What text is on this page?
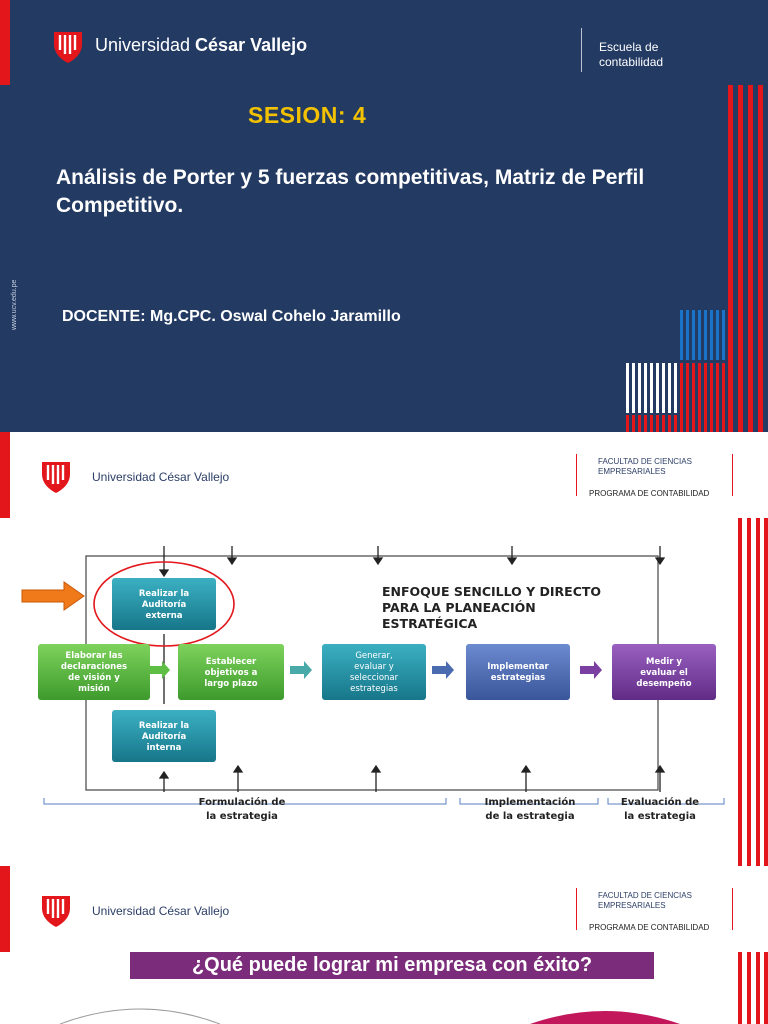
Universidad César Vallejo	Escuela de
contabilidad
SESION: 4
Análisis de Porter y 5 fuerzas competitivas, Matriz de Perfil Competitivo.
DOCENTE: Mg.CPC. Oswal Cohelo Jaramillo
www.ucv.edu.pe
Universidad César Vallejo
FACULTAD DE CIENCIAS
EMPRESARIALES
PROGRAMA DE CONTABILIDAD
ENFOQUE SENCILLO Y DIRECTO
PARA LA PLANEACIÓN
ESTRATÉGICA
Realizar la
Auditoría
externa
Elaborar las
declaraciones
de visión y
misión
Establecer
objetivos a
largo plazo
Generar,
evaluar y
seleccionar
estrategias
Implementar
estrategias
Medir y
evaluar el
desempeño
Realizar la
Auditoría
interna
Formulación de
la estrategia
Implementación
de la estrategia
Evaluación de
la estrategia
Universidad César Vallejo
FACULTAD DE CIENCIAS
EMPRESARIALES
PROGRAMA DE CONTABILIDAD
¿Qué puede lograr mi empresa con éxito?
